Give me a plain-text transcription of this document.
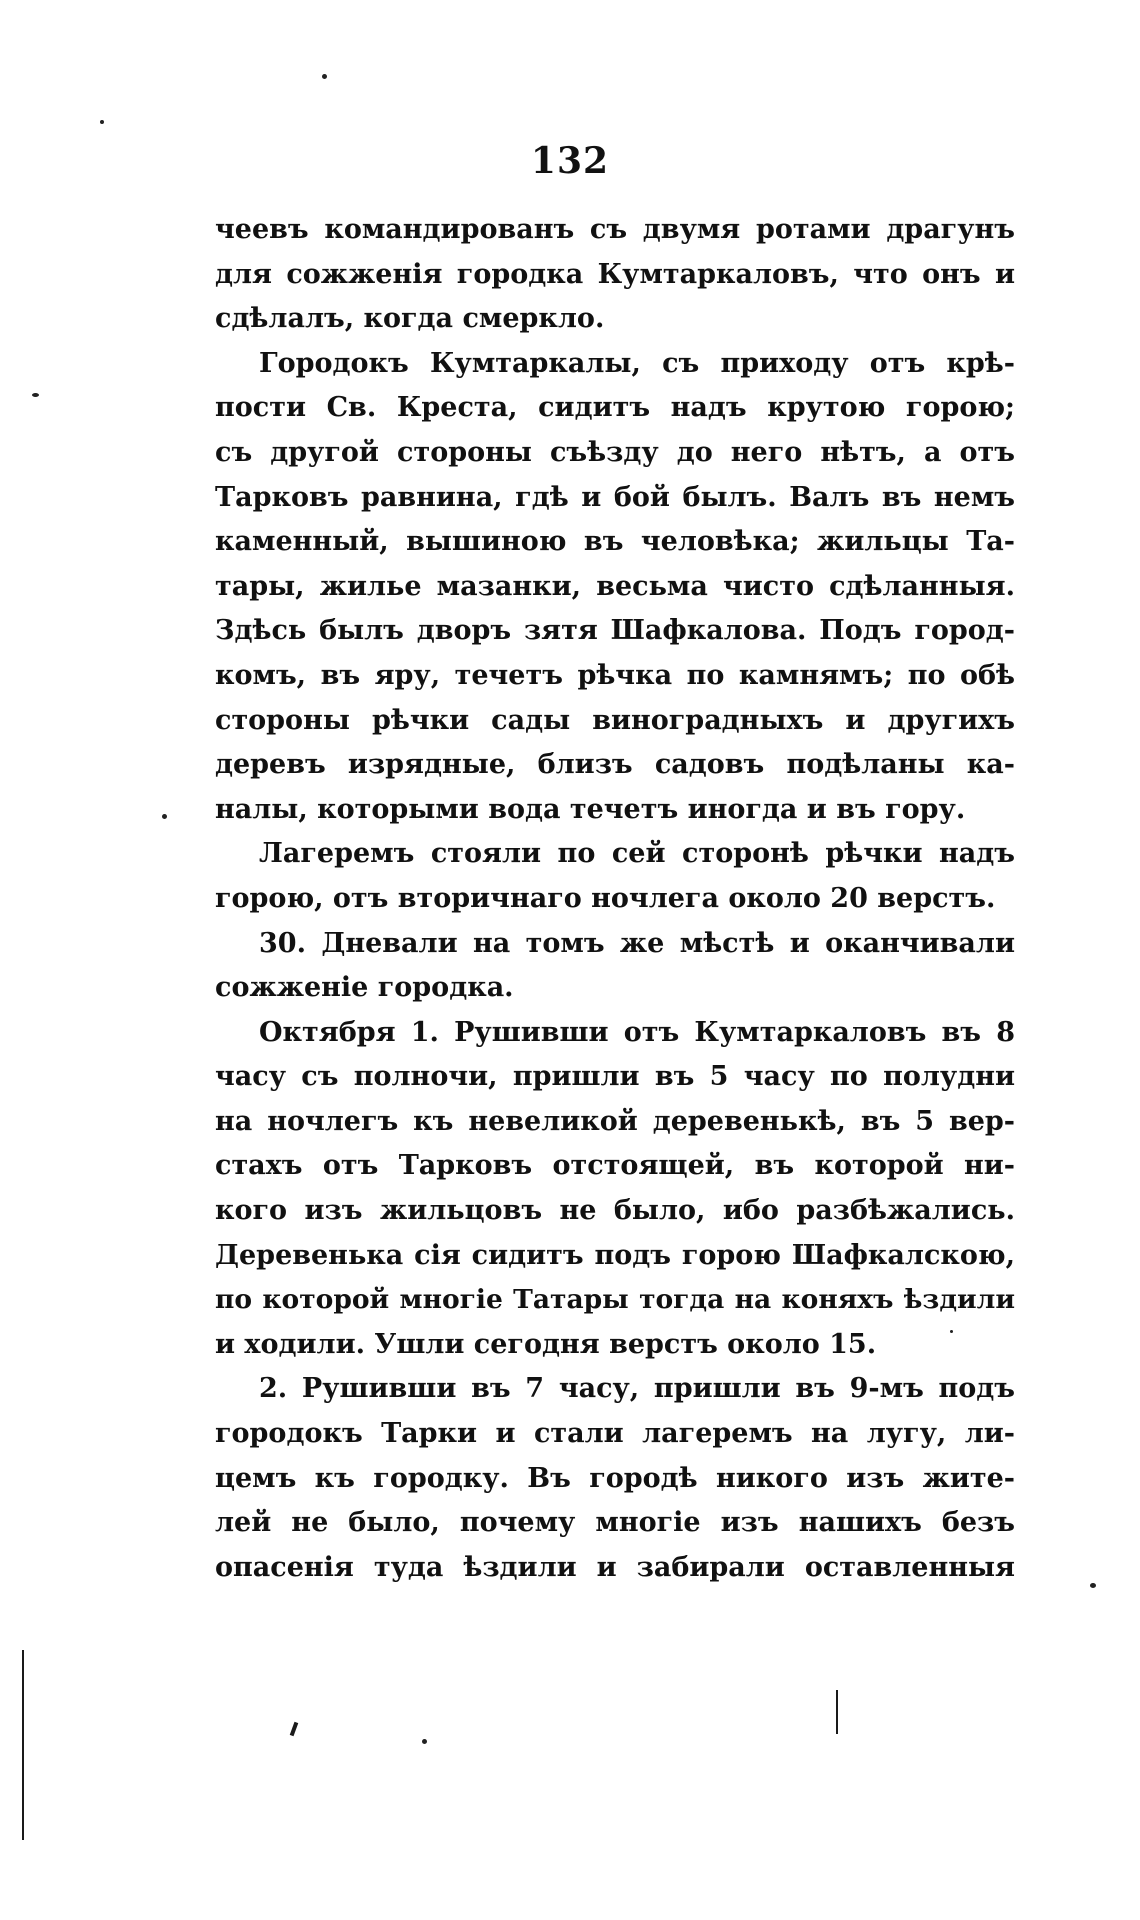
132
чеевъ командированъ съ двумя ротами драгунъ
для сожженія городка Кумтаркаловъ, что онъ и
сдѣлалъ, когда смеркло.
Городокъ Кумтаркалы, съ приходу отъ крѣ-
пости Св. Креста, сидитъ надъ крутою горою;
съ другой стороны съѣзду до него нѣтъ, а отъ
Тарковъ равнина, гдѣ и бой былъ. Валъ въ немъ
каменный, вышиною въ человѣка; жильцы Та-
тары, жилье мазанки, весьма чисто сдѣланныя.
Здѣсь былъ дворъ зятя Шафкалова. Подъ город-
комъ, въ яру, течетъ рѣчка по камнямъ; по обѣ
стороны рѣчки сады виноградныхъ и другихъ
деревъ изрядные, близъ садовъ подѣланы ка-
налы, которыми вода течетъ иногда и въ гору.
Лагеремъ стояли по сей сторонѣ рѣчки надъ
горою, отъ вторичнаго ночлега около 20 верстъ.
30. Дневали на томъ же мѣстѣ и оканчивали
сожженіе городка.
Октября 1. Рушивши отъ Кумтаркаловъ въ 8
часу съ полночи, пришли въ 5 часу по полудни
на ночлегъ къ невеликой деревенькѣ, въ 5 вер-
стахъ отъ Тарковъ отстоящей, въ которой ни-
кого изъ жильцовъ не было, ибо разбѣжались.
Деревенька сія сидитъ подъ горою Шафкалскою,
по которой многіе Татары тогда на коняхъ ѣздили
и ходили. Ушли сегодня верстъ около 15.
2. Рушивши въ 7 часу, пришли въ 9-мъ подъ
городокъ Тарки и стали лагеремъ на лугу, ли-
цемъ къ городку. Въ городѣ никого изъ жите-
лей не было, почему многіе изъ нашихъ безъ
опасенія туда ѣздили и забирали оставленныя
